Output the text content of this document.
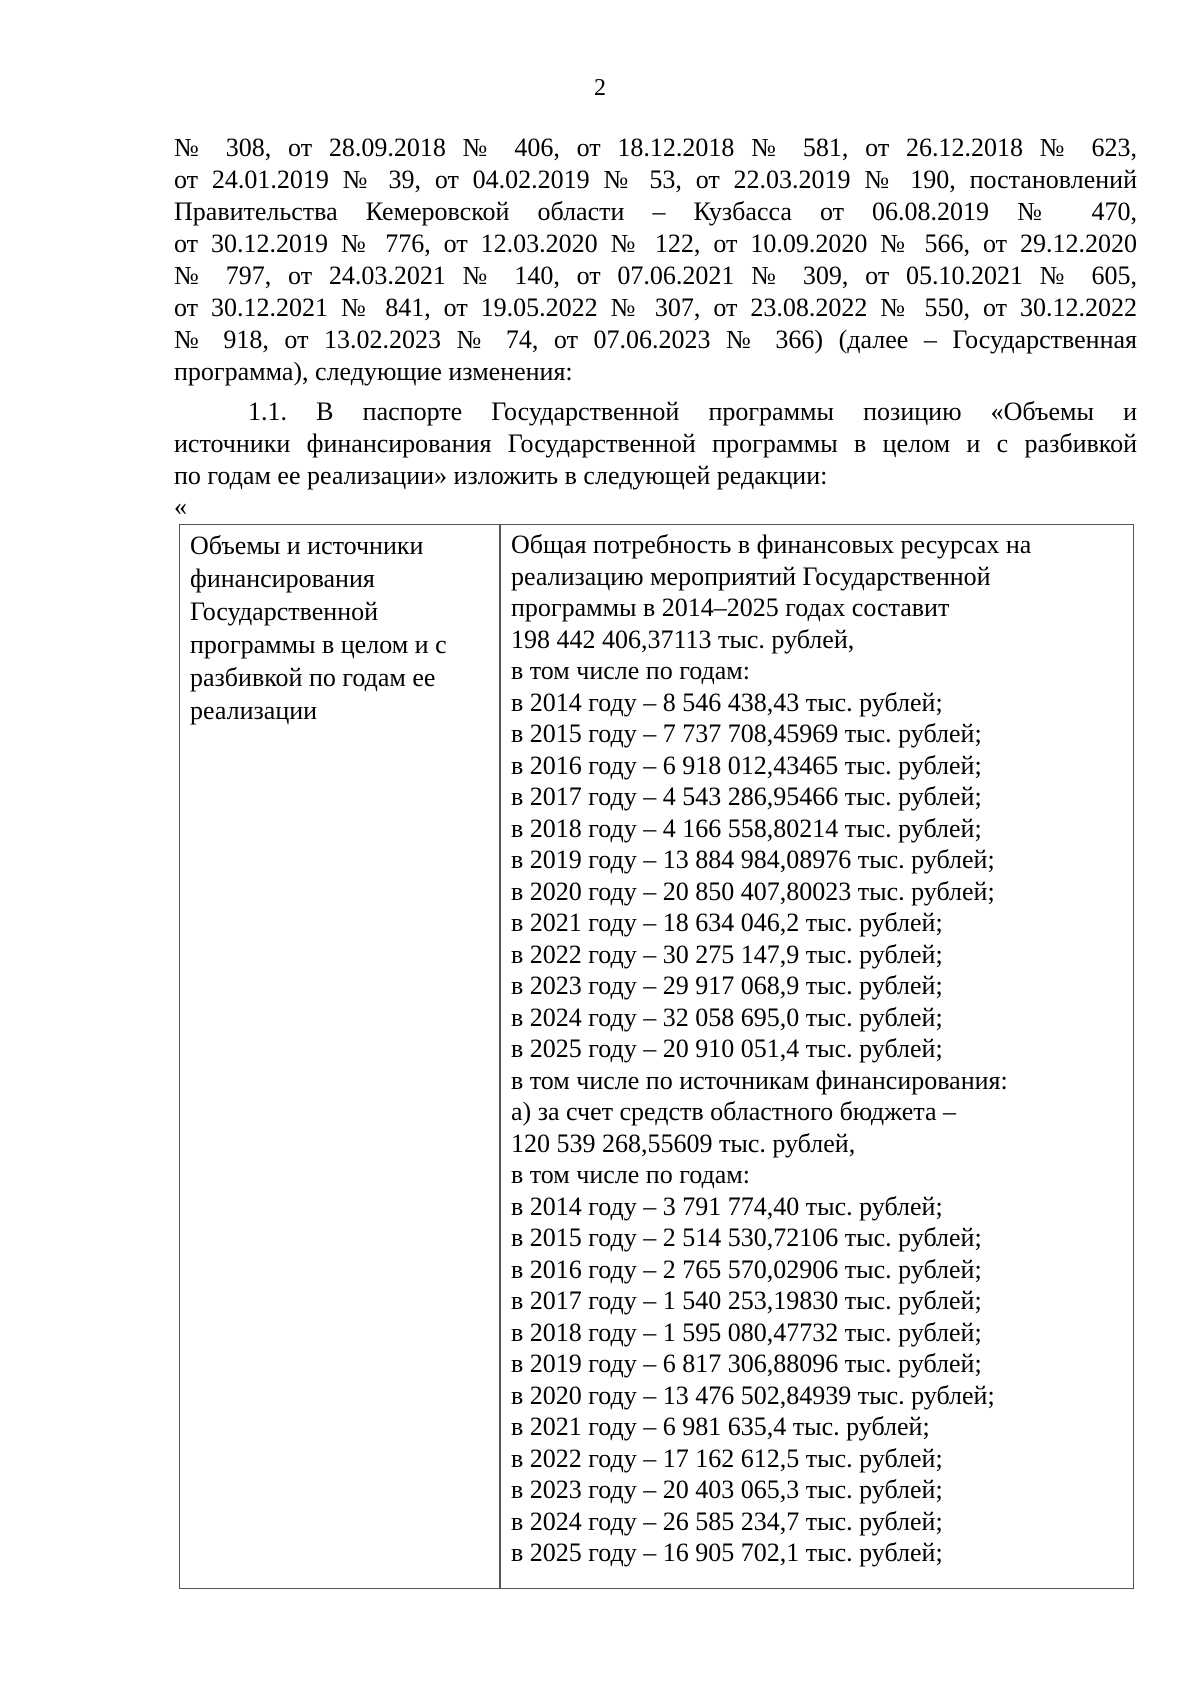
2
№ 308, от 28.09.2018 № 406, от 18.12.2018 № 581, от 26.12.2018 № 623,
от 24.01.2019 № 39, от 04.02.2019 № 53, от 22.03.2019 № 190, постановлений
Правительства Кемеровской области – Кузбасса от 06.08.2019 № 470,
от 30.12.2019 № 776, от 12.03.2020 № 122, от 10.09.2020 № 566, от 29.12.2020
№ 797, от 24.03.2021 № 140, от 07.06.2021 № 309, от 05.10.2021 № 605,
от 30.12.2021 № 841, от 19.05.2022 № 307, от 23.08.2022 № 550, от 30.12.2022
№ 918, от 13.02.2023 № 74, от 07.06.2023 № 366) (далее – Государственная
программа), следующие изменения:
1.1. В паспорте Государственной программы позицию «Объемы и
источники финансирования Государственной программы в целом и с разбивкой
по годам ее реализации» изложить в следующей редакции:
«
Объемы и источники
финансирования
Государственной
программы в целом и с
разбивкой по годам ее
реализации
Общая потребность в финансовых ресурсах на
реализацию мероприятий Государственной
программы в 2014–2025 годах составит
198 442 406,37113 тыс. рублей,
в том числе по годам:
в 2014 году – 8 546 438,43 тыс. рублей;
в 2015 году – 7 737 708,45969 тыс. рублей;
в 2016 году – 6 918 012,43465 тыс. рублей;
в 2017 году – 4 543 286,95466 тыс. рублей;
в 2018 году – 4 166 558,80214 тыс. рублей;
в 2019 году – 13 884 984,08976 тыс. рублей;
в 2020 году – 20 850 407,80023 тыс. рублей;
в 2021 году – 18 634 046,2 тыс. рублей;
в 2022 году – 30 275 147,9 тыс. рублей;
в 2023 году – 29 917 068,9 тыс. рублей;
в 2024 году – 32 058 695,0 тыс. рублей;
в 2025 году – 20 910 051,4 тыс. рублей;
в том числе по источникам финансирования:
а) за счет средств областного бюджета –
120 539 268,55609 тыс. рублей,
в том числе по годам:
в 2014 году – 3 791 774,40 тыс. рублей;
в 2015 году – 2 514 530,72106 тыс. рублей;
в 2016 году – 2 765 570,02906 тыс. рублей;
в 2017 году – 1 540 253,19830 тыс. рублей;
в 2018 году – 1 595 080,47732 тыс. рублей;
в 2019 году – 6 817 306,88096 тыс. рублей;
в 2020 году – 13 476 502,84939 тыс. рублей;
в 2021 году – 6 981 635,4 тыс. рублей;
в 2022 году – 17 162 612,5 тыс. рублей;
в 2023 году – 20 403 065,3 тыс. рублей;
в 2024 году – 26 585 234,7 тыс. рублей;
в 2025 году – 16 905 702,1 тыс. рублей;
